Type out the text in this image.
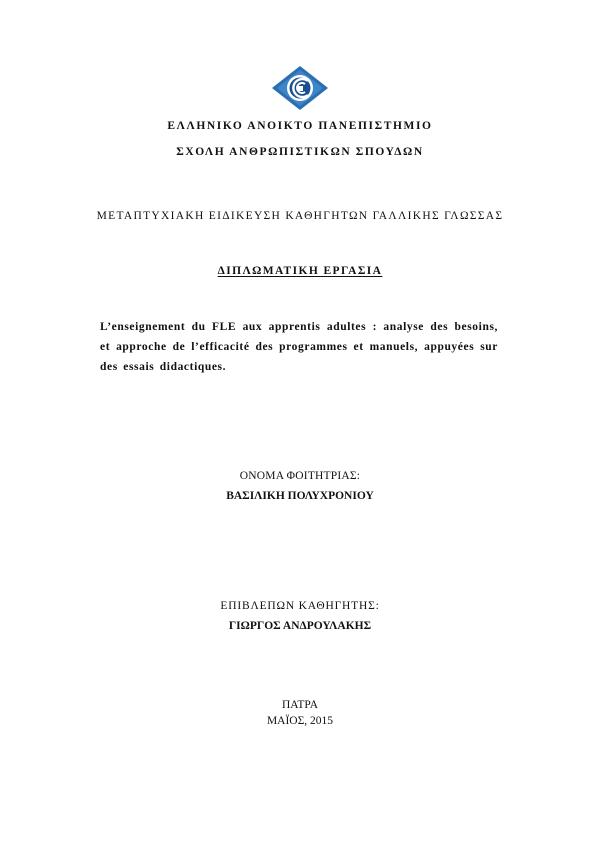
ΕΛΛΗΝΙΚΟ ΑΝΟΙΚΤΟ ΠΑΝΕΠΙΣΤΗΜΙΟ
ΣΧΟΛΗ ΑΝΘΡΩΠΙΣΤΙΚΩΝ ΣΠΟΥΔΩΝ
ΜΕΤΑΠΤΥΧΙΑΚΗ ΕΙΔΙΚΕΥΣΗ ΚΑΘΗΓΗΤΩΝ ΓΑΛΛΙΚΗΣ ΓΛΩΣΣΑΣ
ΔΙΠΛΩΜΑΤΙΚΗ ΕΡΓΑΣΙΑ
L’enseignement du FLE aux apprentis adultes : analyse des besoins, et approche de l’efficacité des programmes et manuels, appuyées sur des essais didactiques.
ΟΝΟΜΑ ΦΟΙΤΗΤΡΙΑΣ:
ΒΑΣΙΛΙΚΗ ΠΟΛΥΧΡΟΝΙΟΥ
ΕΠΙΒΛΕΠΩΝ ΚΑΘΗΓΗΤΗΣ:
ΓΙΩΡΓΟΣ ΑΝΔΡΟΥΛΑΚΗΣ
ΠΑΤΡΑ
ΜΑΪΟΣ, 2015
